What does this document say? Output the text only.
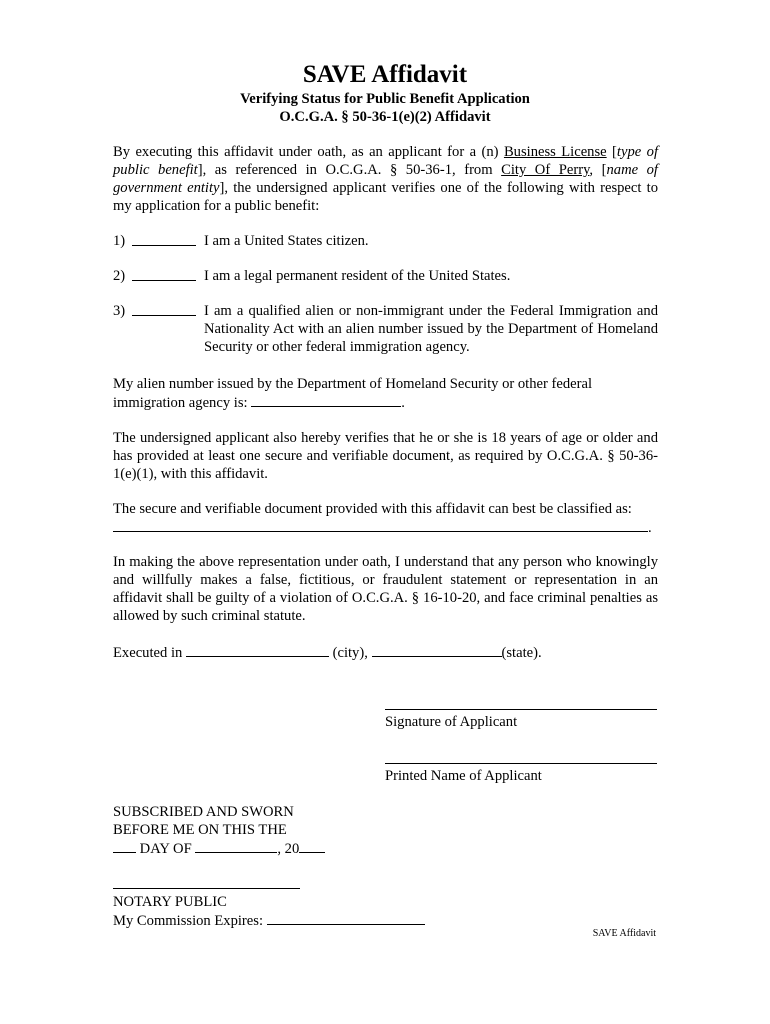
SAVE Affidavit
Verifying Status for Public Benefit Application
O.C.G.A. § 50-36-1(e)(2) Affidavit
By executing this affidavit under oath, as an applicant for a (n) Business License [type of public benefit], as referenced in O.C.G.A. § 50-36-1, from City Of Perry, [name of government entity], the undersigned applicant verifies one of the following with respect to my application for a public benefit:
1)	I am a United States citizen.
2)	I am a legal permanent resident of the United States.
3)	I am a qualified alien or non-immigrant under the Federal Immigration and Nationality Act with an alien number issued by the Department of Homeland Security or other federal immigration agency.
My alien number issued by the Department of Homeland Security or other federal
immigration agency is:	.
The undersigned applicant also hereby verifies that he or she is 18 years of age or older and has provided at least one secure and verifiable document, as required by O.C.G.A. § 50-36-1(e)(1), with this affidavit.
The secure and verifiable document provided with this affidavit can best be classified as:
.
In making the above representation under oath, I understand that any person who knowingly and willfully makes a false, fictitious, or fraudulent statement or representation in an affidavit shall be guilty of a violation of O.C.G.A. § 16-10-20, and face criminal penalties as allowed by such criminal statute.
Executed in	(city),	(state).
Signature of Applicant
Printed Name of Applicant
SUBSCRIBED AND SWORN
BEFORE ME ON THIS THE
DAY OF	, 20
NOTARY PUBLIC
My Commission Expires:
SAVE Affidavit
